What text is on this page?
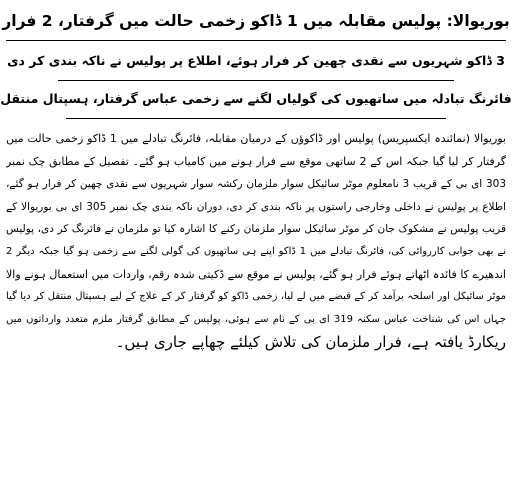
بوریوالا: پولیس مقابلہ میں 1 ڈاکو زخمی حالت میں گرفتار، 2 فرار
3 ڈاکو شہریوں سے نقدی چھین کر فرار ہوئے، اطلاع پر پولیس نے ناکہ بندی کر دی
فائرنگ تبادلہ میں ساتھیوں کی گولیاں لگنے سے زخمی عباس گرفتار، ہسپتال منتقل
بوریوالا (نمائندہ ایکسپریس) پولیس اور ڈاکوؤں کے درمیان مقابلہ، فائرنگ تبادلے میں 1 ڈاکو زخمی حالت میں
گرفتار کر لیا گیا جبکہ اس کے 2 ساتھی موقع سے فرار ہونے میں کامیاب ہو گئے۔ تفصیل کے مطابق چک نمبر
303 ای بی کے قریب 3 نامعلوم موٹر سائیکل سوار ملزمان رکشہ سوار شہریوں سے نقدی چھین کر فرار ہو گئے،
اطلاع پر پولیس نے داخلی وخارجی راستوں پر ناکہ بندی کر دی، دوران ناکہ بندی چک نمبر 305 ای بی بوریوالا کے
قریب پولیس نے مشکوک جان کر موٹر سائیکل سوار ملزمان رکنے کا اشارہ کیا تو ملزمان نے فائرنگ کر دی، پولیس
نے بھی جوابی کارروائی کی، فائرنگ تبادلے میں 1 ڈاکو اپنے ہی ساتھیوں کی گولی لگنے سے زخمی ہو گیا جبکہ دیگر 2
اندھیرے کا فائدہ اٹھاتے ہوئے فرار ہو گئے، پولیس نے موقع سے ڈکیتی شدہ رقم، واردات میں استعمال ہونے والا
موٹر سائیکل اور اسلحہ برآمد کر کے قبضے میں لے لیا، زخمی ڈاکو کو گرفتار کر کے علاج کے لیے ہسپتال منتقل کر دیا گیا
جہاں اس کی شناخت عباس سکنہ 319 ای بی کے نام سے ہوئی، پولیس کے مطابق گرفتار ملزم متعدد وارداتوں میں
ریکارڈ یافتہ ہے، فرار ملزمان کی تلاش کیلئے چھاپے جاری ہیں۔
